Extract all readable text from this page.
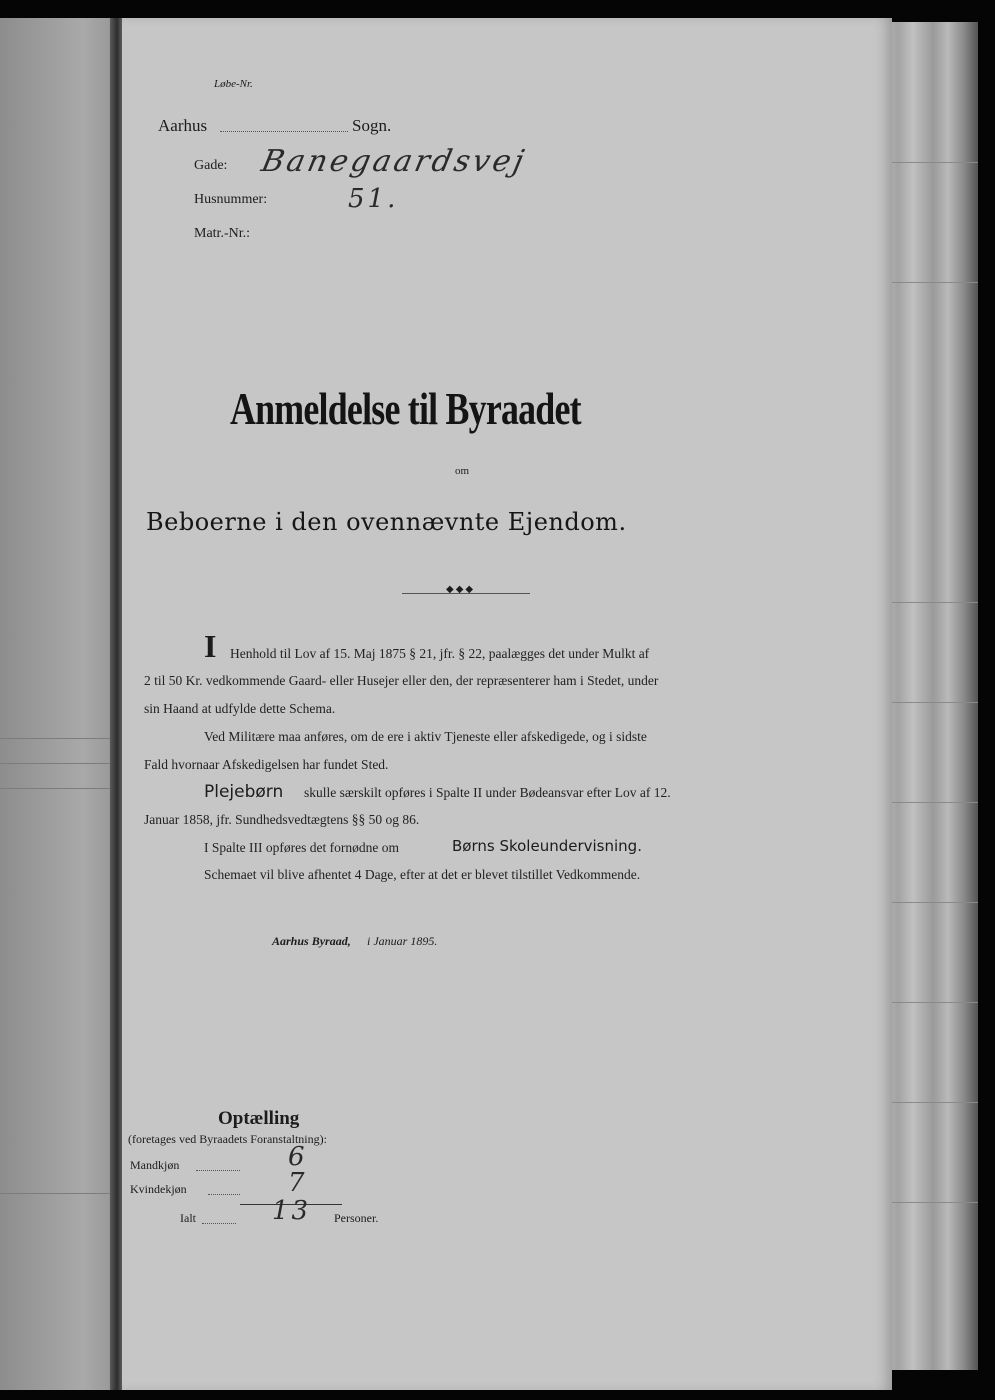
Løbe-Nr.
Aarhus	Sogn.
Gade: Banegaardsvej
Husnummer:	51.
Matr.-Nr.:
Anmeldelse til Byraadet
om
Beboerne i den ovennævnte Ejendom.
◆◆◆
I Henhold til Lov af 15. Maj 1875 § 21, jfr. § 22, paalægges det under Mulkt af
2 til 50 Kr. vedkommende Gaard- eller Husejer eller den, der repræsenterer ham i Stedet, under
sin Haand at udfylde dette Schema.
Ved Militære maa anføres, om de ere i aktiv Tjeneste eller afskedigede, og i sidste
Fald hvornaar Afskedigelsen har fundet Sted.
Plejebørn skulle særskilt opføres i Spalte II under Bødeansvar efter Lov af 12.
Januar 1858, jfr. Sundhedsvedtægtens §§ 50 og 86.
I Spalte III opføres det fornødne om	Børns Skoleundervisning.
Schemaet vil blive afhentet 4 Dage, efter at det er blevet tilstillet Vedkommende.
Aarhus Byraad, i Januar 1895.
Optælling
(foretages ved Byraadets Foranstaltning):
Mandkjøn	6
Kvindekjøn	7
Ialt	13 Personer.
